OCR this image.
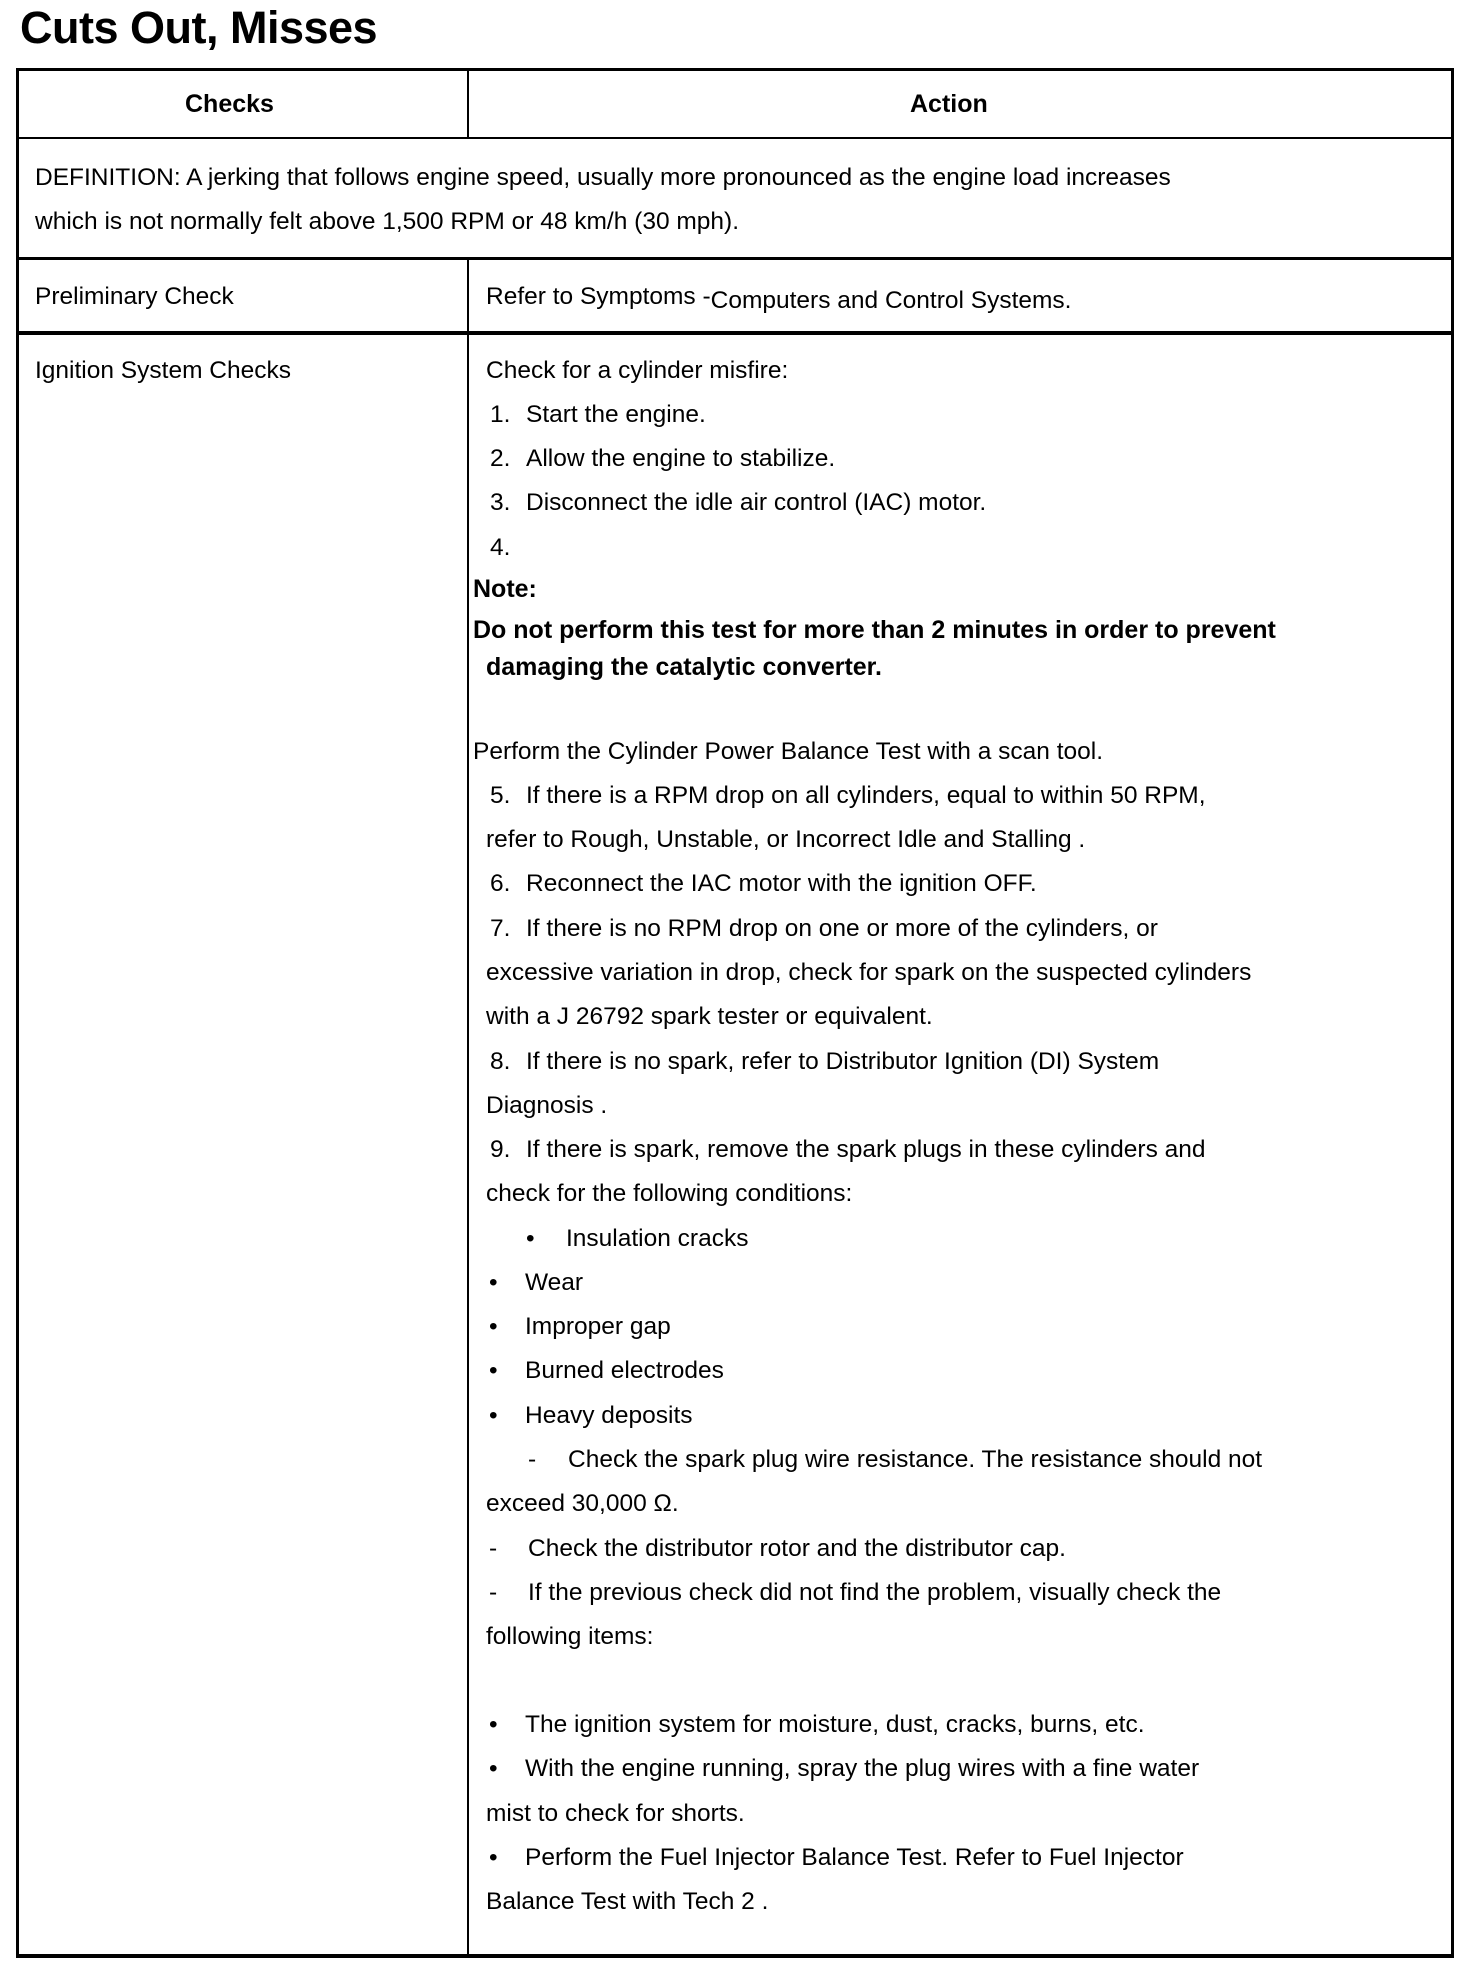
Cuts Out, Misses
Checks	Action
DEFINITION: A jerking that follows engine speed, usually more pronounced as the engine load increases
which is not normally felt above 1,500 RPM or 48 km/h (30 mph).
Preliminary Check	Refer to Symptoms -Computers and Control Systems.
Ignition System Checks	Check for a cylinder misfire:
1. Start the engine.
2. Allow the engine to stabilize.
3. Disconnect the idle air control (IAC) motor.
4.
Note:
Do not perform this test for more than 2 minutes in order to prevent
damaging the catalytic converter.
Perform the Cylinder Power Balance Test with a scan tool.
5. If there is a RPM drop on all cylinders, equal to within 50 RPM,
refer to Rough, Unstable, or Incorrect Idle and Stalling .
6. Reconnect the IAC motor with the ignition OFF.
7. If there is no RPM drop on one or more of the cylinders, or
excessive variation in drop, check for spark on the suspected cylinders
with a J 26792 spark tester or equivalent.
8. If there is no spark, refer to Distributor Ignition (DI) System
Diagnosis .
9. If there is spark, remove the spark plugs in these cylinders and
check for the following conditions:
• Insulation cracks
• Wear
• Improper gap
• Burned electrodes
• Heavy deposits
- Check the spark plug wire resistance. The resistance should not
exceed 30,000 Ω.
- Check the distributor rotor and the distributor cap.
- If the previous check did not find the problem, visually check the
following items:
• The ignition system for moisture, dust, cracks, burns, etc.
• With the engine running, spray the plug wires with a fine water
mist to check for shorts.
• Perform the Fuel Injector Balance Test. Refer to Fuel Injector
Balance Test with Tech 2 .
